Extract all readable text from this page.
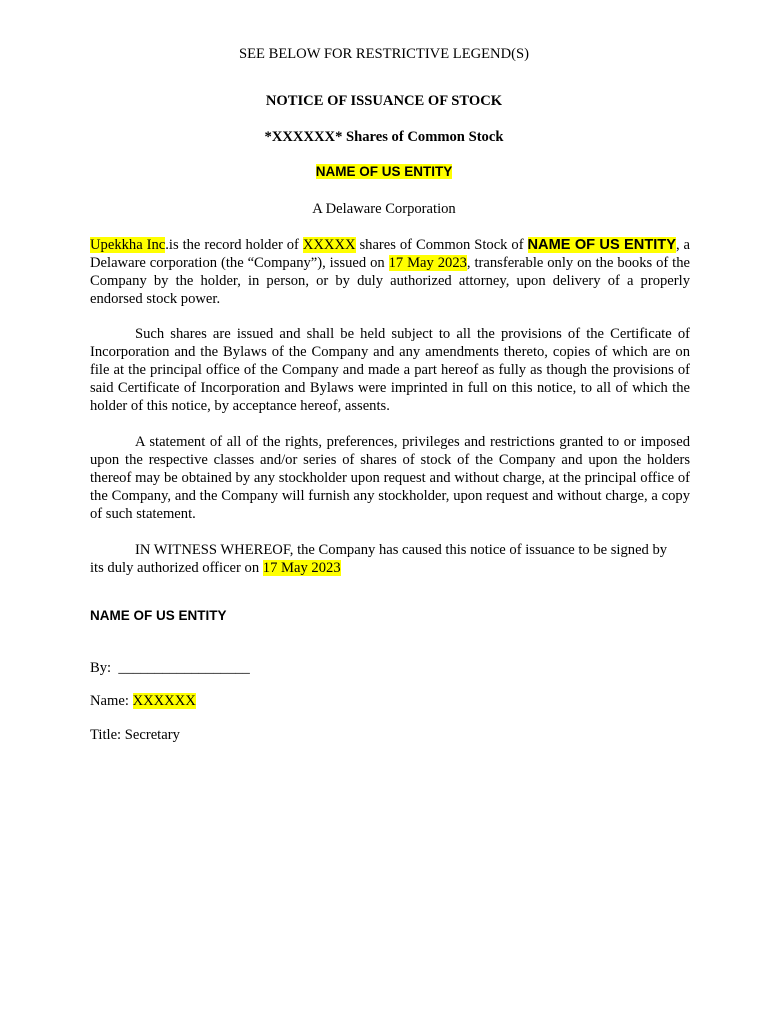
SEE BELOW FOR RESTRICTIVE LEGEND(S)
NOTICE OF ISSUANCE OF STOCK
*XXXXXX* Shares of Common Stock
NAME OF US ENTITY
A Delaware Corporation
Upekkha Inc.is the record holder of XXXXX shares of Common Stock of NAME OF US ENTITY, a Delaware corporation (the “Company”), issued on 17 May 2023, transferable only on the books of the Company by the holder, in person, or by duly authorized attorney, upon delivery of a properly endorsed stock power.
Such shares are issued and shall be held subject to all the provisions of the Certificate of Incorporation and the Bylaws of the Company and any amendments thereto, copies of which are on file at the principal office of the Company and made a part hereof as fully as though the provisions of said Certificate of Incorporation and Bylaws were imprinted in full on this notice, to all of which the holder of this notice, by acceptance hereof, assents.
A statement of all of the rights, preferences, privileges and restrictions granted to or imposed upon the respective classes and/or series of shares of stock of the Company and upon the holders thereof may be obtained by any stockholder upon request and without charge, at the principal office of the Company, and the Company will furnish any stockholder, upon request and without charge, a copy of such statement.
IN WITNESS WHEREOF, the Company has caused this notice of issuance to be signed by its duly authorized officer on 17 May 2023
NAME OF US ENTITY
By: __________________
Name: XXXXXX
Title: Secretary
